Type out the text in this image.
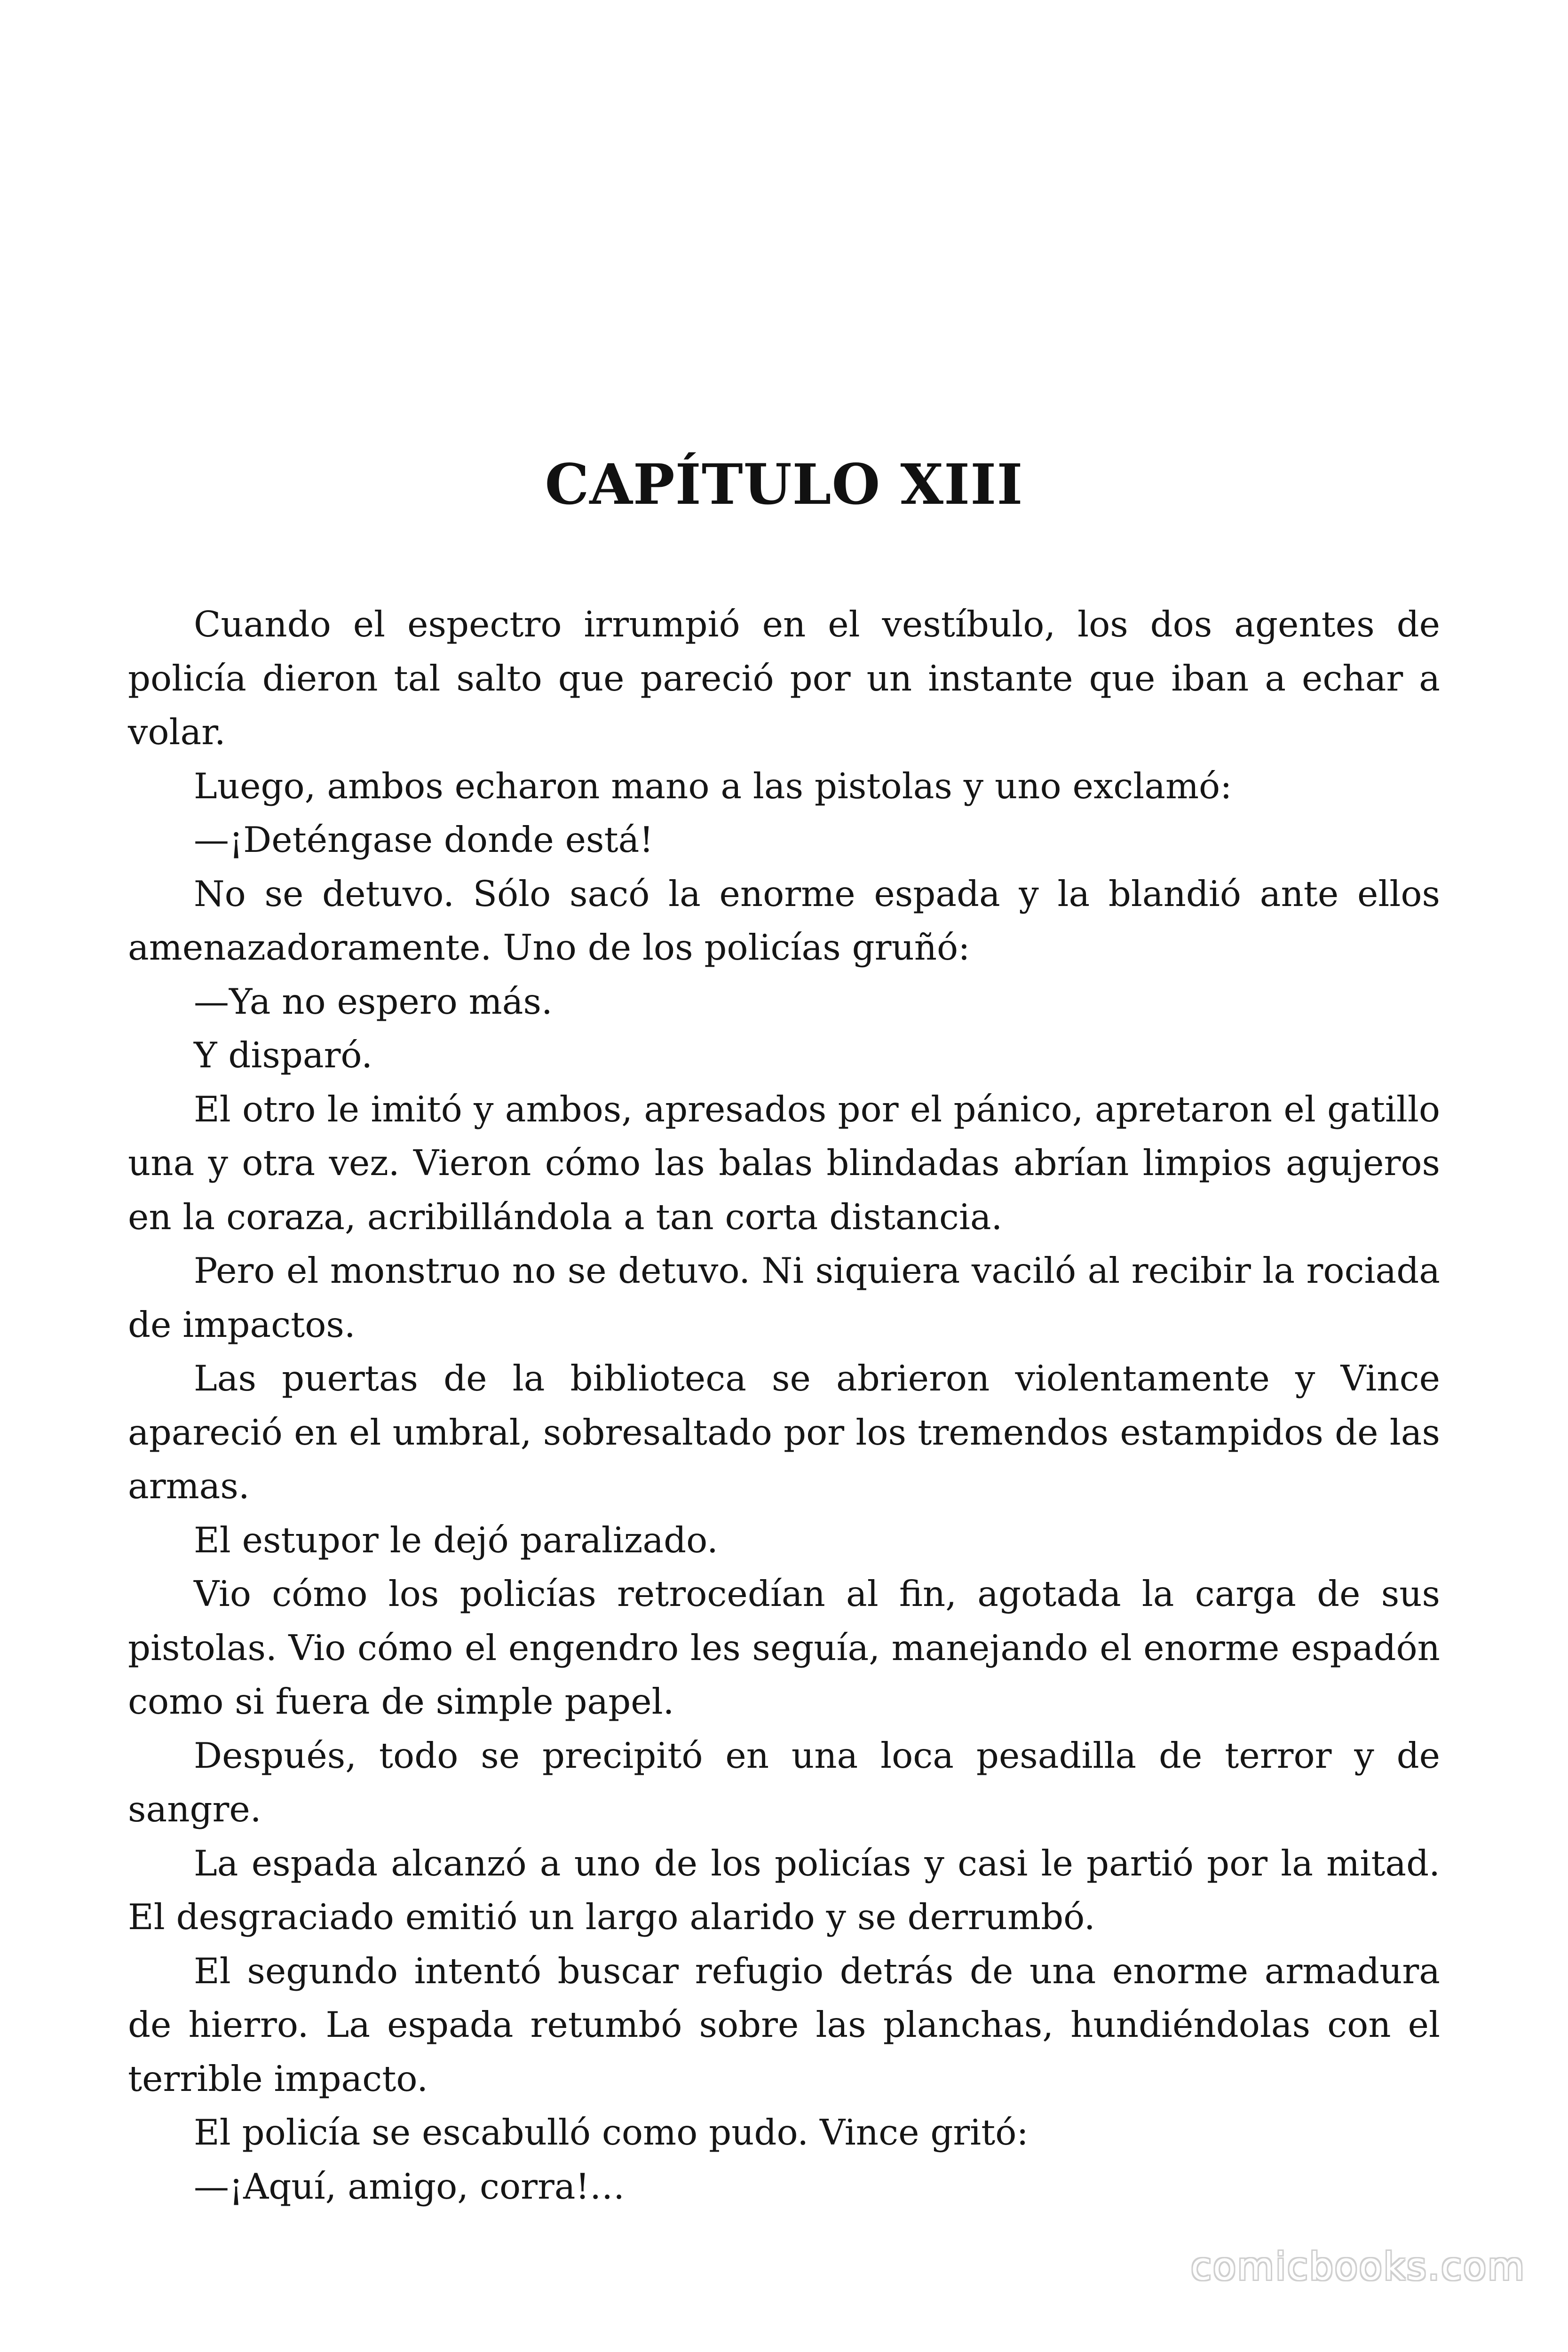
CAPÍTULO XIII

Cuando el espectro irrumpió en el vestíbulo, los dos agentes de policía dieron tal salto que pareció por un instante que iban a echar a volar.

Luego, ambos echaron mano a las pistolas y uno exclamó:

—¡Deténgase donde está!

No se detuvo. Sólo sacó la enorme espada y la blandió ante ellos amenazadoramente. Uno de los policías gruñó:

—Ya no espero más.

Y disparó.

El otro le imitó y ambos, apresados por el pánico, apretaron el gatillo una y otra vez. Vieron cómo las balas blindadas abrían limpios agujeros en la coraza, acribillándola a tan corta distancia.

Pero el monstruo no se detuvo. Ni siquiera vaciló al recibir la rociada de impactos.

Las puertas de la biblioteca se abrieron violentamente y Vince apareció en el umbral, sobresaltado por los tremendos estampidos de las armas.

El estupor le dejó paralizado.

Vio cómo los policías retrocedían al fin, agotada la carga de sus pistolas. Vio cómo el engendro les seguía, manejando el enorme espadón como si fuera de simple papel.

Después, todo se precipitó en una loca pesadilla de terror y de sangre.

La espada alcanzó a uno de los policías y casi le partió por la mitad. El desgraciado emitió un largo alarido y se derrumbó.

El segundo intentó buscar refugio detrás de una enorme armadura de hierro. La espada retumbó sobre las planchas, hundiéndolas con el terrible impacto.

El policía se escabulló como pudo. Vince gritó:

—¡Aquí, amigo, corra!…

comicbooks.com
